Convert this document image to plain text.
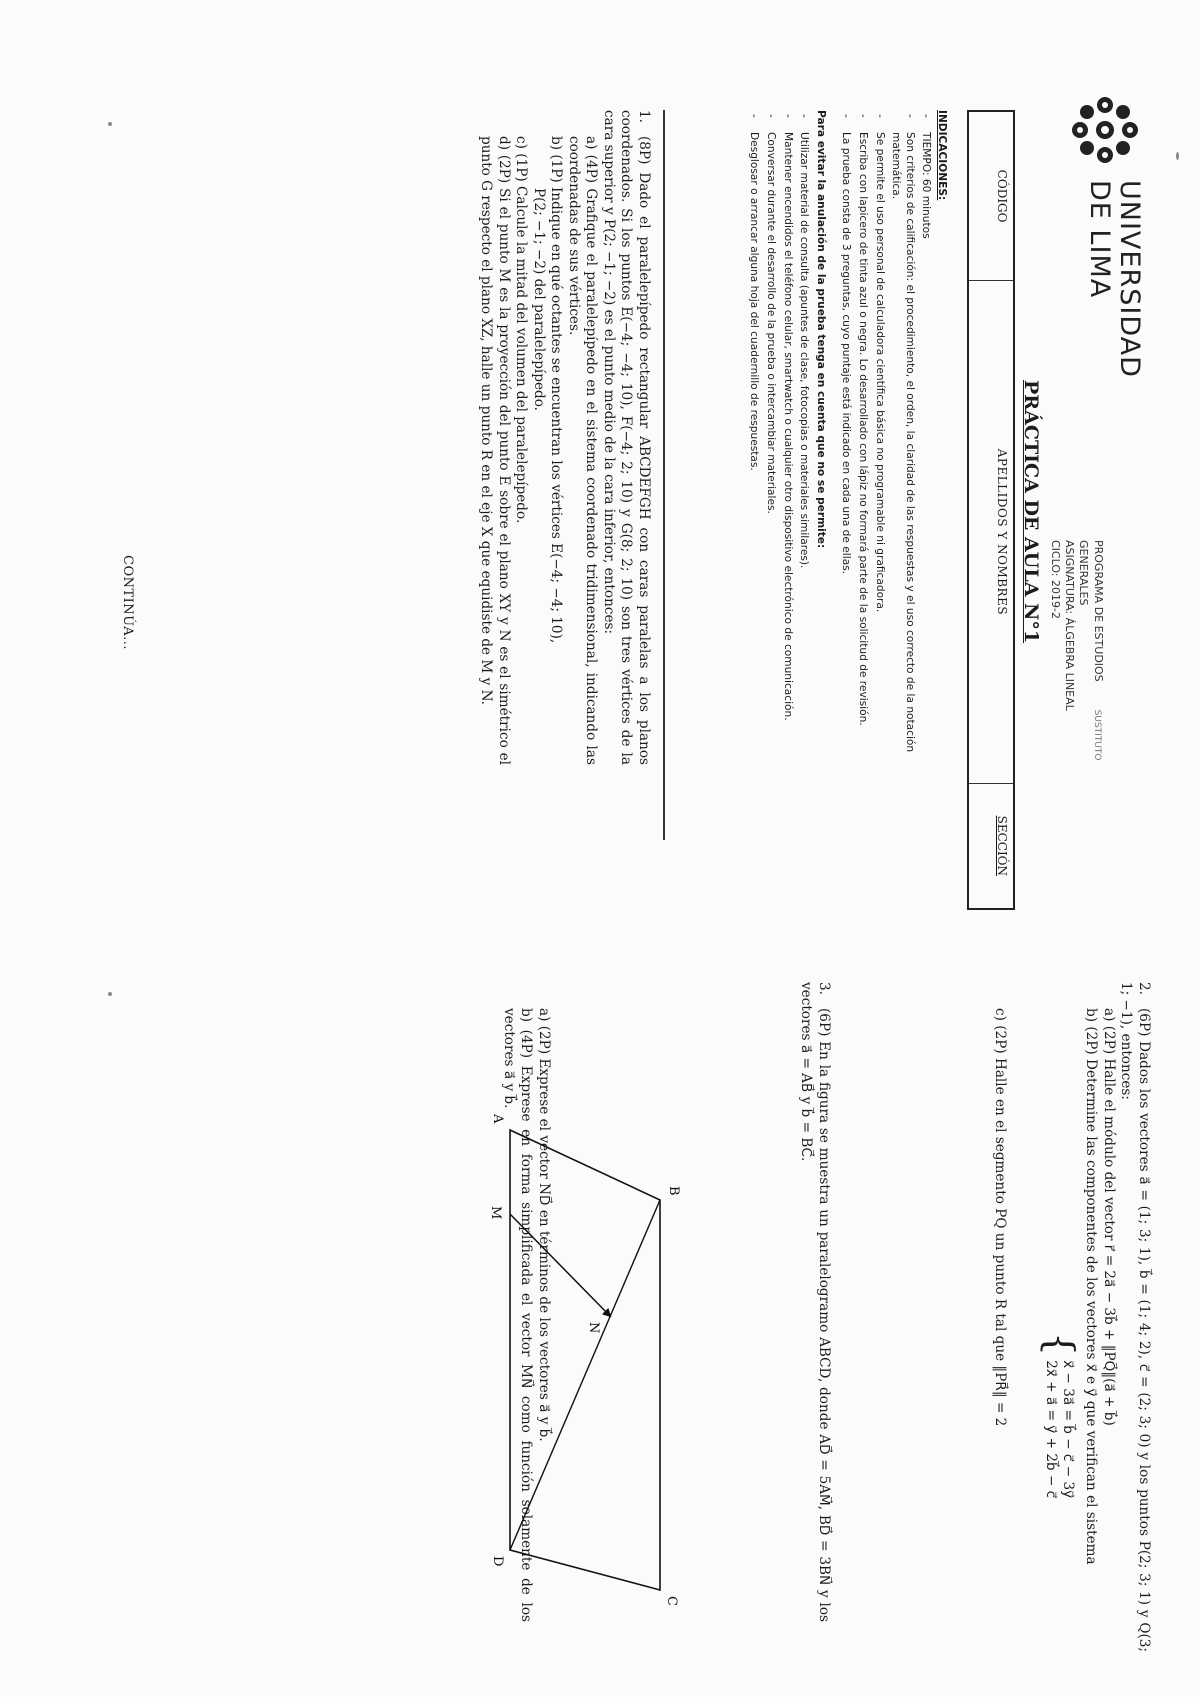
UNIVERSIDAD
DE LIMA
PROGRAMA DE ESTUDIOSSUSTITUTO
GENERALES
ASIGNATURA: ÁLGEBRA LINEAL
CICLO: 2019-2
PRÁCTICA DE AULA N°1
CÓDIGO
APELLIDOS Y NOMBRES
SECCIÓN
INDICACIONES:
- TIEMPO: 60 minutos
- Son criterios de calificación: el procedimiento, el orden, la claridad de las respuestas y el uso correcto de la notación matemática.
- Se permite el uso personal de calculadora científica básica no programable ni graficadora.
- Escriba con lapicero de tinta azul o negra. Lo desarrollado con lápiz no formará parte de la solicitud de revisión.
- La prueba consta de 3 preguntas, cuyo puntaje está indicado en cada una de ellas.
Para evitar la anulación de la prueba tenga en cuenta que no se permite:
- Utilizar material de consulta (apuntes de clase, fotocopias o materiales similares).
- Mantener encendidos el teléfono celular, smartwatch o cualquier otro dispositivo electrónico de comunicación.
- Conversar durante el desarrollo de la prueba o intercambiar materiales.
- Desglosar o arrancar alguna hoja del cuadernillo de respuestas.
1.(8P) Dado el paralelepípedo rectangular ABCDEFGH con caras paralelas a los planos coordenados. Si los puntos E(−4; −4; 10), F(−4; 2; 10) y G(8; 2; 10) son tres vértices de la cara superior y P(2; −1; −2) es el punto medio de la cara inferior, entonces:
a) (4P) Grafique el paralelepípedo en el sistema coordenado tridimensional, indicando las coordenadas de sus vértices.
b) (1P) Indique en qué octantes se encuentran los vértices E(−4; −4; 10),
P(2; −1; −2) del paralelepípedo.
c) (1P) Calcule la mitad del volumen del paralelepípedo.
d) (2P) Si el punto M es la proyección del punto E sobre el plano XY y N es el simétrico el punto G respecto el plano XZ, halle un punto R en el eje X que equidiste de M y N.
CONTINÚA...
2.(6P) Dados los vectores a⃗ = (1; 3; 1), b⃗ = (1; 4; 2), c⃗ = (2; 3; 0) y los puntos P(2; 3; 1) y Q(3; 1; −1), entonces:
a) (2P) Halle el módulo del vector r⃗ = 2a⃗ − 3b⃗ + ‖PQ⃗‖(a⃗ + b⃗)
b) (2P) Determine las componentes de los vectores x⃗ e y⃗ que verifican el sistema
{
x⃗ − 3a⃗ = b⃗ − c⃗ − 3y⃗
2x⃗ + a⃗ = y⃗ + 2b⃗ − c⃗
c) (2P) Halle en el segmento PQ un punto R tal que ‖PR⃗‖ = 2
3.(6P) En la figura se muestra un paralelogramo ABCD, donde AD⃗ = 5AM⃗, BD⃗ = 3BN⃗ y los vectores a⃗ = AB⃗ y b⃗ = BC⃗.
a) (2P) Exprese el vector ND⃗ en términos de los vectores a⃗ y b⃗.
b) (4P) Exprese en forma simplificada el vector MN⃗ como función solamente de los vectores a⃗ y b⃗.
A
B
C
D
M
N
